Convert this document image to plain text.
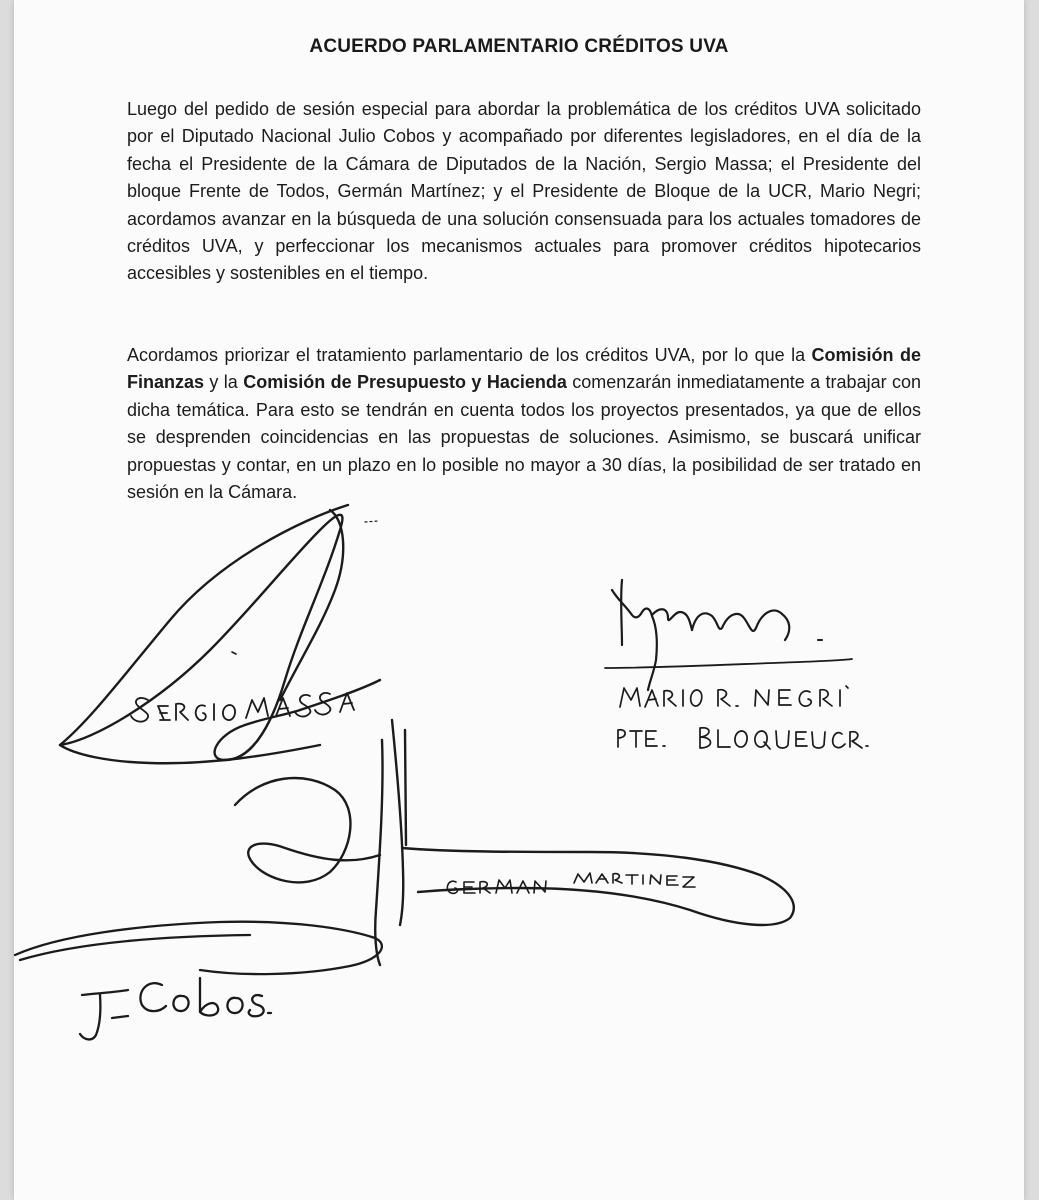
ACUERDO PARLAMENTARIO CRÉDITOS UVA
Luego del pedido de sesión especial para abordar la problemática de los créditos UVA solicitado por el Diputado Nacional Julio Cobos y acompañado por diferentes legisladores, en el día de la fecha el Presidente de la Cámara de Diputados de la Nación, Sergio Massa; el Presidente del bloque Frente de Todos, Germán Martínez; y el Presidente de Bloque de la UCR, Mario Negri; acordamos avanzar en la búsqueda de una solución consensuada para los actuales tomadores de créditos UVA, y perfeccionar los mecanismos actuales para promover créditos hipotecarios accesibles y sostenibles en el tiempo.
Acordamos priorizar el tratamiento parlamentario de los créditos UVA, por lo que la Comisión de Finanzas y la Comisión de Presupuesto y Hacienda comenzarán inmediatamente a trabajar con dicha temática. Para esto se tendrán en cuenta todos los proyectos presentados, ya que de ellos se desprenden coincidencias en las propuestas de soluciones. Asimismo, se buscará unificar propuestas y contar, en un plazo en lo posible no mayor a 30 días, la posibilidad de ser tratado en sesión en la Cámara.
SERGIO MASSA
MARIO R. NEGRI
PTE. BLOQUE UCR.
GERMAN MARTINEZ
J. Cobos.
